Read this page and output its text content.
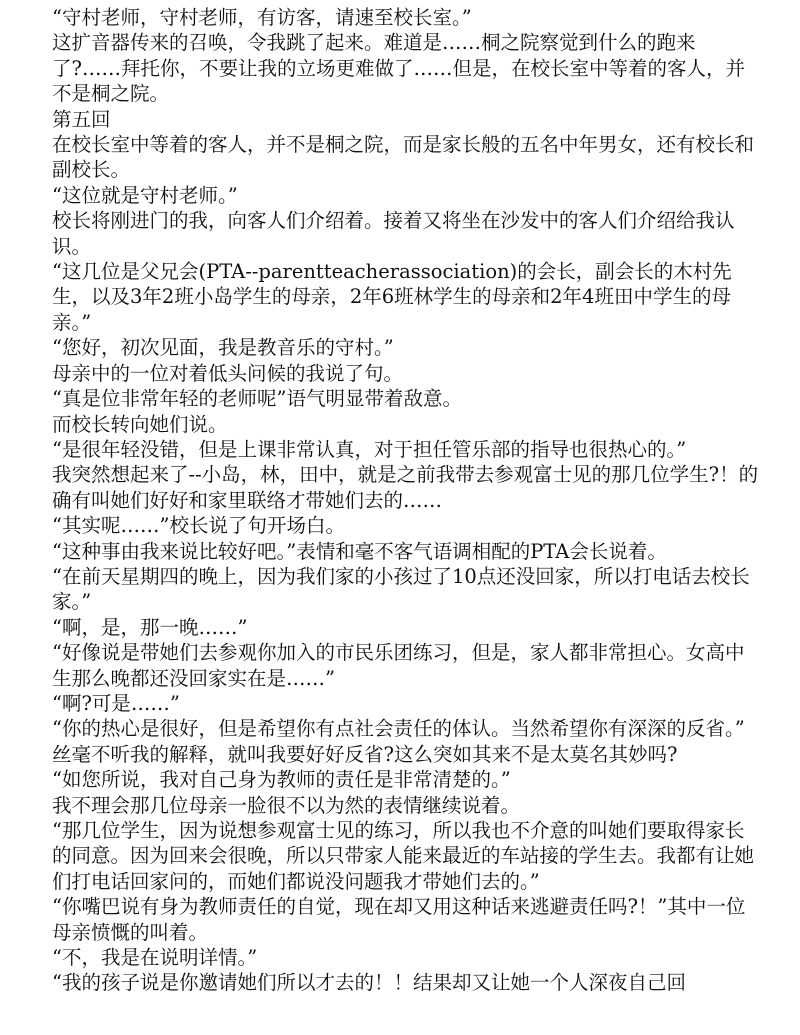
“守村老师，守村老师，有访客，请速至校长室。”

这扩音器传来的召唤，令我跳了起来。难道是……桐之院察觉到什么的跑来了?……拜托你，不要让我的立场更难做了……但是，在校长室中等着的客人，并不是桐之院。

第五回

在校长室中等着的客人，并不是桐之院，而是家长般的五名中年男女，还有校长和副校长。

“这位就是守村老师。”

校长将刚进门的我，向客人们介绍着。接着又将坐在沙发中的客人们介绍给我认识。

“这几位是父兄会(PTA--parentteacherassociation)的会长，副会长的木村先生，以及3年2班小岛学生的母亲，2年6班林学生的母亲和2年4班田中学生的母亲。”

“您好，初次见面，我是教音乐的守村。”

母亲中的一位对着低头问候的我说了句。

“真是位非常年轻的老师呢”语气明显带着敌意。

而校长转向她们说。

“是很年轻没错，但是上课非常认真，对于担任管乐部的指导也很热心的。”

我突然想起来了--小岛，林，田中，就是之前我带去参观富士见的那几位学生?！的确有叫她们好好和家里联络才带她们去的……

“其实呢……”校长说了句开场白。

“这种事由我来说比较好吧。”表情和毫不客气语调相配的PTA会长说着。

“在前天星期四的晚上，因为我们家的小孩过了10点还没回家，所以打电话去校长家。”

“啊，是，那一晚……”

“好像说是带她们去参观你加入的市民乐团练习，但是，家人都非常担心。女高中生那么晚都还没回家实在是……”

“啊?可是……”

“你的热心是很好，但是希望你有点社会责任的体认。当然希望你有深深的反省。”

丝毫不听我的解释，就叫我要好好反省?这么突如其来不是太莫名其妙吗?

“如您所说，我对自己身为教师的责任是非常清楚的。”

我不理会那几位母亲一脸很不以为然的表情继续说着。

“那几位学生，因为说想参观富士见的练习，所以我也不介意的叫她们要取得家长的同意。因为回来会很晚，所以只带家人能来最近的车站接的学生去。我都有让她们打电话回家问的，而她们都说没问题我才带她们去的。”

“你嘴巴说有身为教师责任的自觉，现在却又用这种话来逃避责任吗?！”其中一位母亲愤慨的叫着。

“不，我是在说明详情。”

“我的孩子说是你邀请她们所以才去的！！结果却又让她一个人深夜自己回
